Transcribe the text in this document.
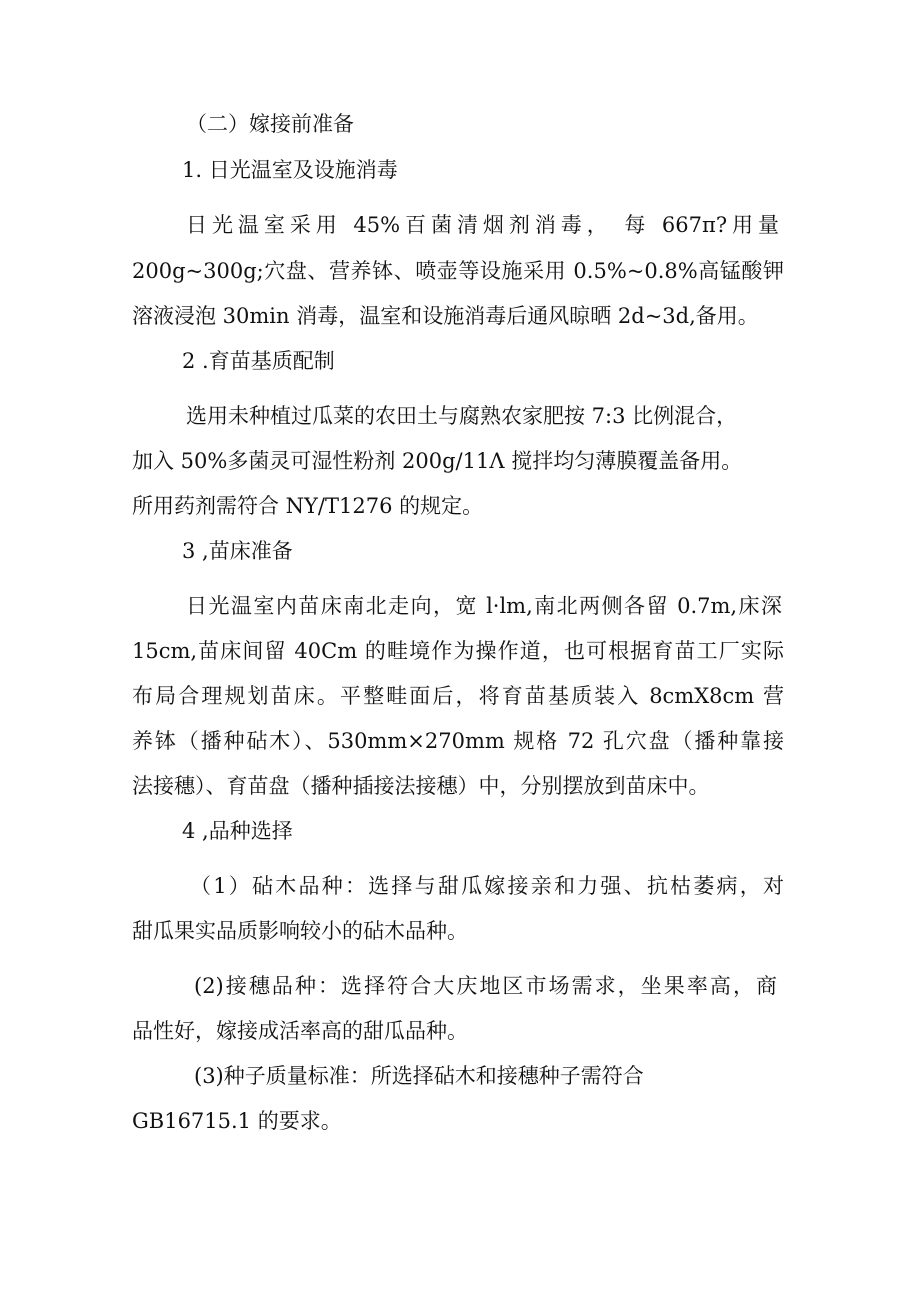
（二）嫁接前准备
1. 日光温室及设施消毒
日光温室采用 45%百菌清烟剂消毒， 每 667π?用量
200g~300g;穴盘、营养钵、喷壶等设施采用 0.5%~0.8%高锰酸钾
溶液浸泡 30min 消毒，温室和设施消毒后通风晾晒 2d~3d,备用。
2 .育苗基质配制
选用未种植过瓜菜的农田土与腐熟农家肥按 7:3 比例混合，
加入 50%多菌灵可湿性粉剂 200g/11Λ 搅拌均匀薄膜覆盖备用。
所用药剂需符合 NY/T1276 的规定。
3 ,苗床准备
日光温室内苗床南北走向，宽 l·lm,南北两侧各留 0.7m,床深
15cm,苗床间留 40Cm 的畦境作为操作道，也可根据育苗工厂实际
布局合理规划苗床。平整畦面后，将育苗基质装入 8cmX8cm 营
养钵（播种砧木）、530mm×270mm 规格 72 孔穴盘（播种靠接
法接穗）、育苗盘（播种插接法接穗）中，分别摆放到苗床中。
4 ,品种选择
（1）砧木品种：选择与甜瓜嫁接亲和力强、抗枯萎病，对
甜瓜果实品质影响较小的砧木品种。
(2)接穗品种：选择符合大庆地区市场需求，坐果率高，商
品性好，嫁接成活率高的甜瓜品种。
(3)种子质量标准：所选择砧木和接穗种子需符合
GB16715.1 的要求。
